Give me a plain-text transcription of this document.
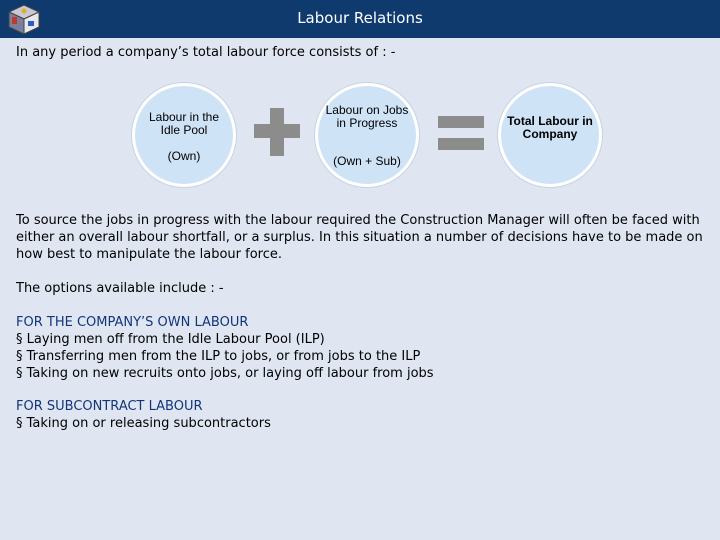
Labour Relations
In any period a company’s total labour force consists of : -
Labour in the Idle Pool
(Own)
Labour on Jobs in Progress
(Own + Sub)
Total Labour in Company
To source the jobs in progress with the labour required the Construction Manager will often be faced with either an overall labour shortfall, or a surplus. In this situation a number of decisions have to be made on how best to manipulate the labour force.
The options available include : -
FOR THE COMPANY’S OWN LABOUR
§ Laying men off from the Idle Labour Pool (ILP)
§ Transferring men from the ILP to jobs, or from jobs to the ILP
§ Taking on new recruits onto jobs, or laying off labour from jobs
FOR SUBCONTRACT LABOUR
§ Taking on or releasing subcontractors
